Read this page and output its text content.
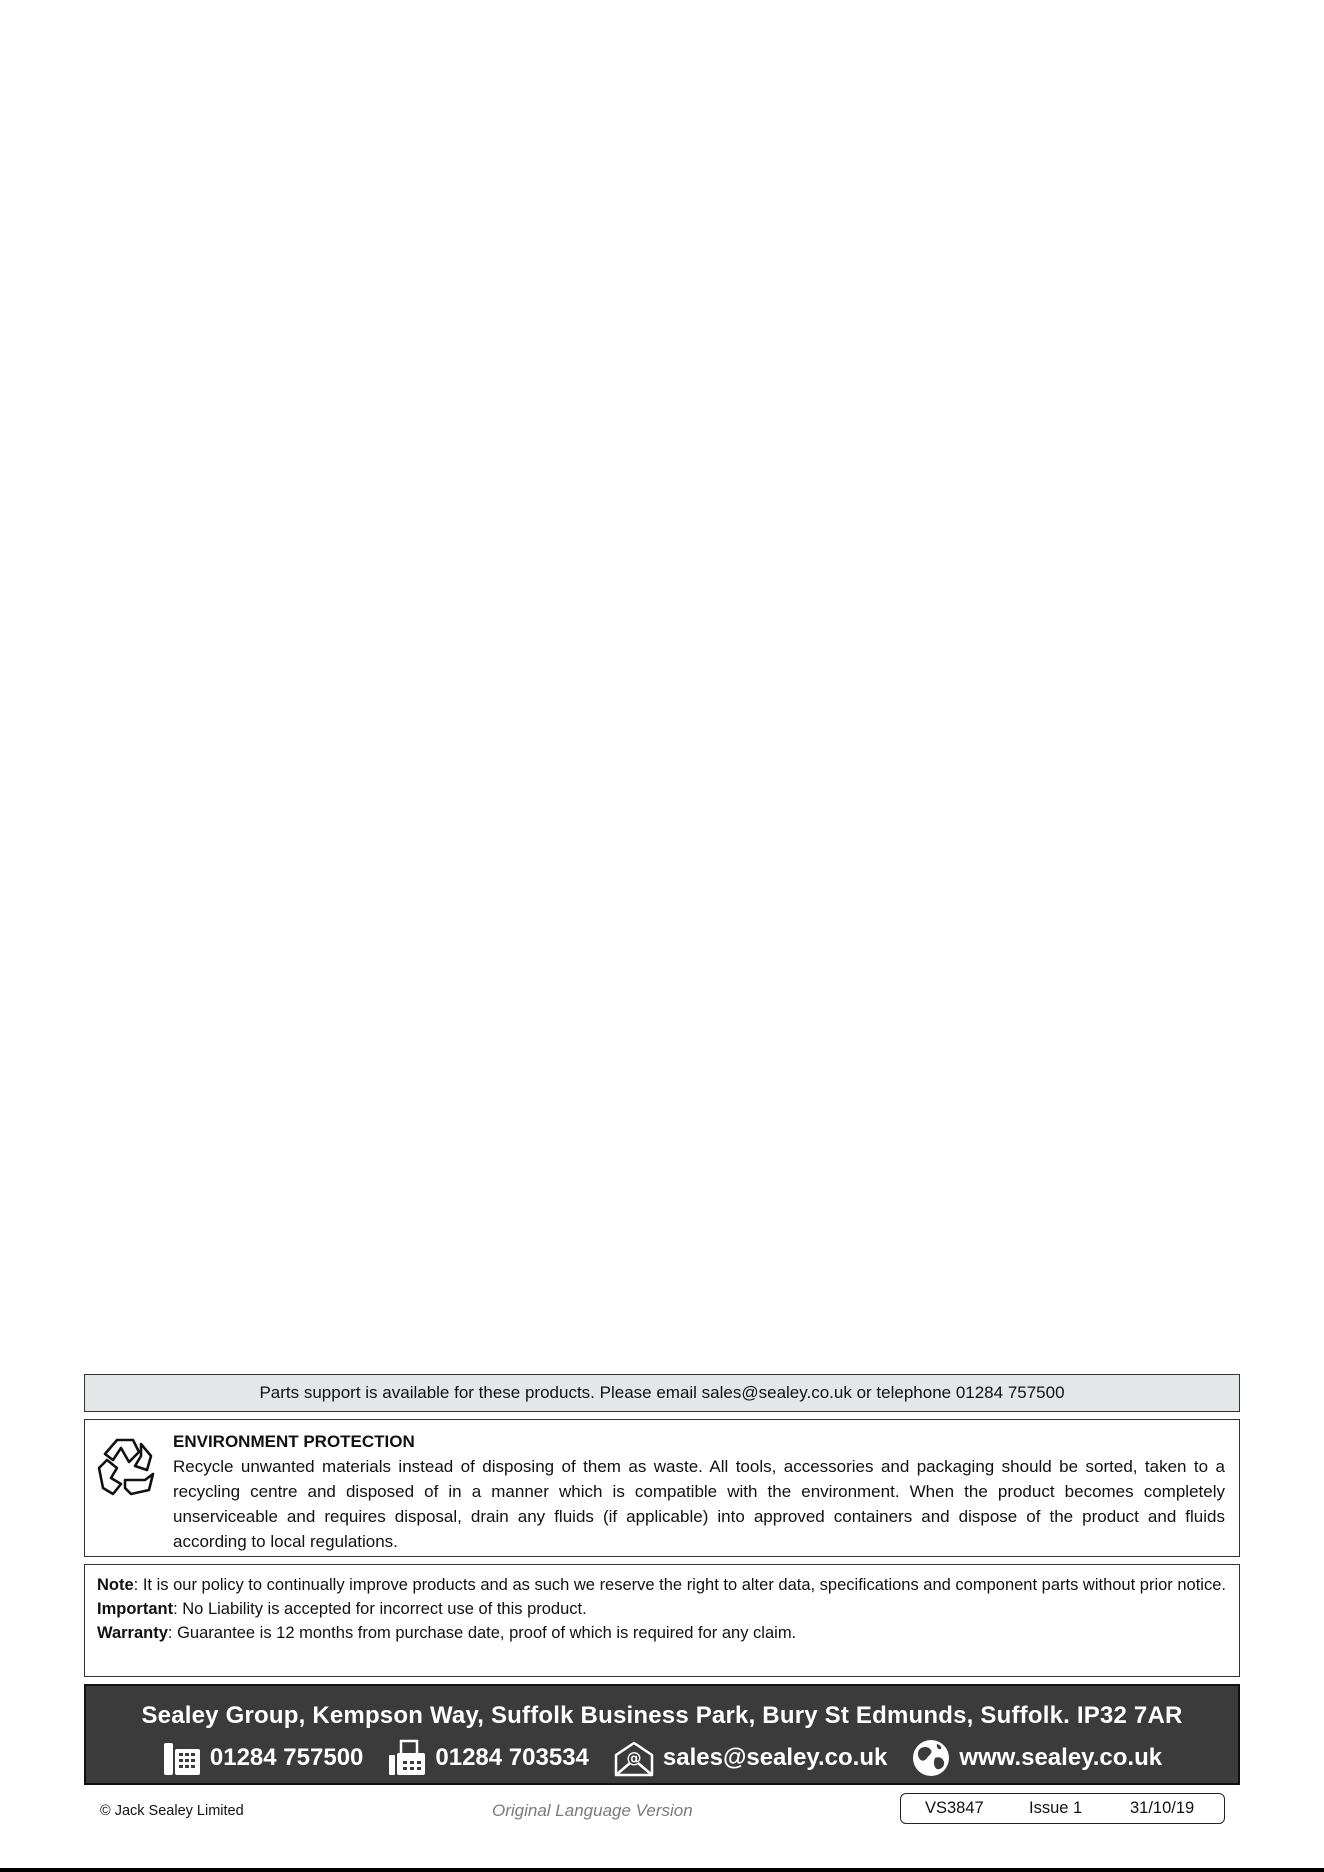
Parts support is available for these products. Please email sales@sealey.co.uk or telephone 01284 757500
ENVIRONMENT PROTECTION
Recycle unwanted materials instead of disposing of them as waste. All tools, accessories and packaging should be sorted, taken to a recycling centre and disposed of in a manner which is compatible with the environment. When the product becomes completely unserviceable and requires disposal, drain any fluids (if applicable) into approved containers and dispose of the product and fluids according to local regulations.

Note: It is our policy to continually improve products and as such we reserve the right to alter data, specifications and component parts without prior notice.

Important: No Liability is accepted for incorrect use of this product.

Warranty: Guarantee is 12 months from purchase date, proof of which is required for any claim.

Sealey Group, Kempson Way, Suffolk Business Park, Bury St Edmunds, Suffolk. IP32 7AR
01284 757500	01284 703534	@ sales@sealey.co.uk	www.sealey.co.uk
© Jack Sealey Limited	Original Language Version	VS3847	Issue 1	31/10/19
